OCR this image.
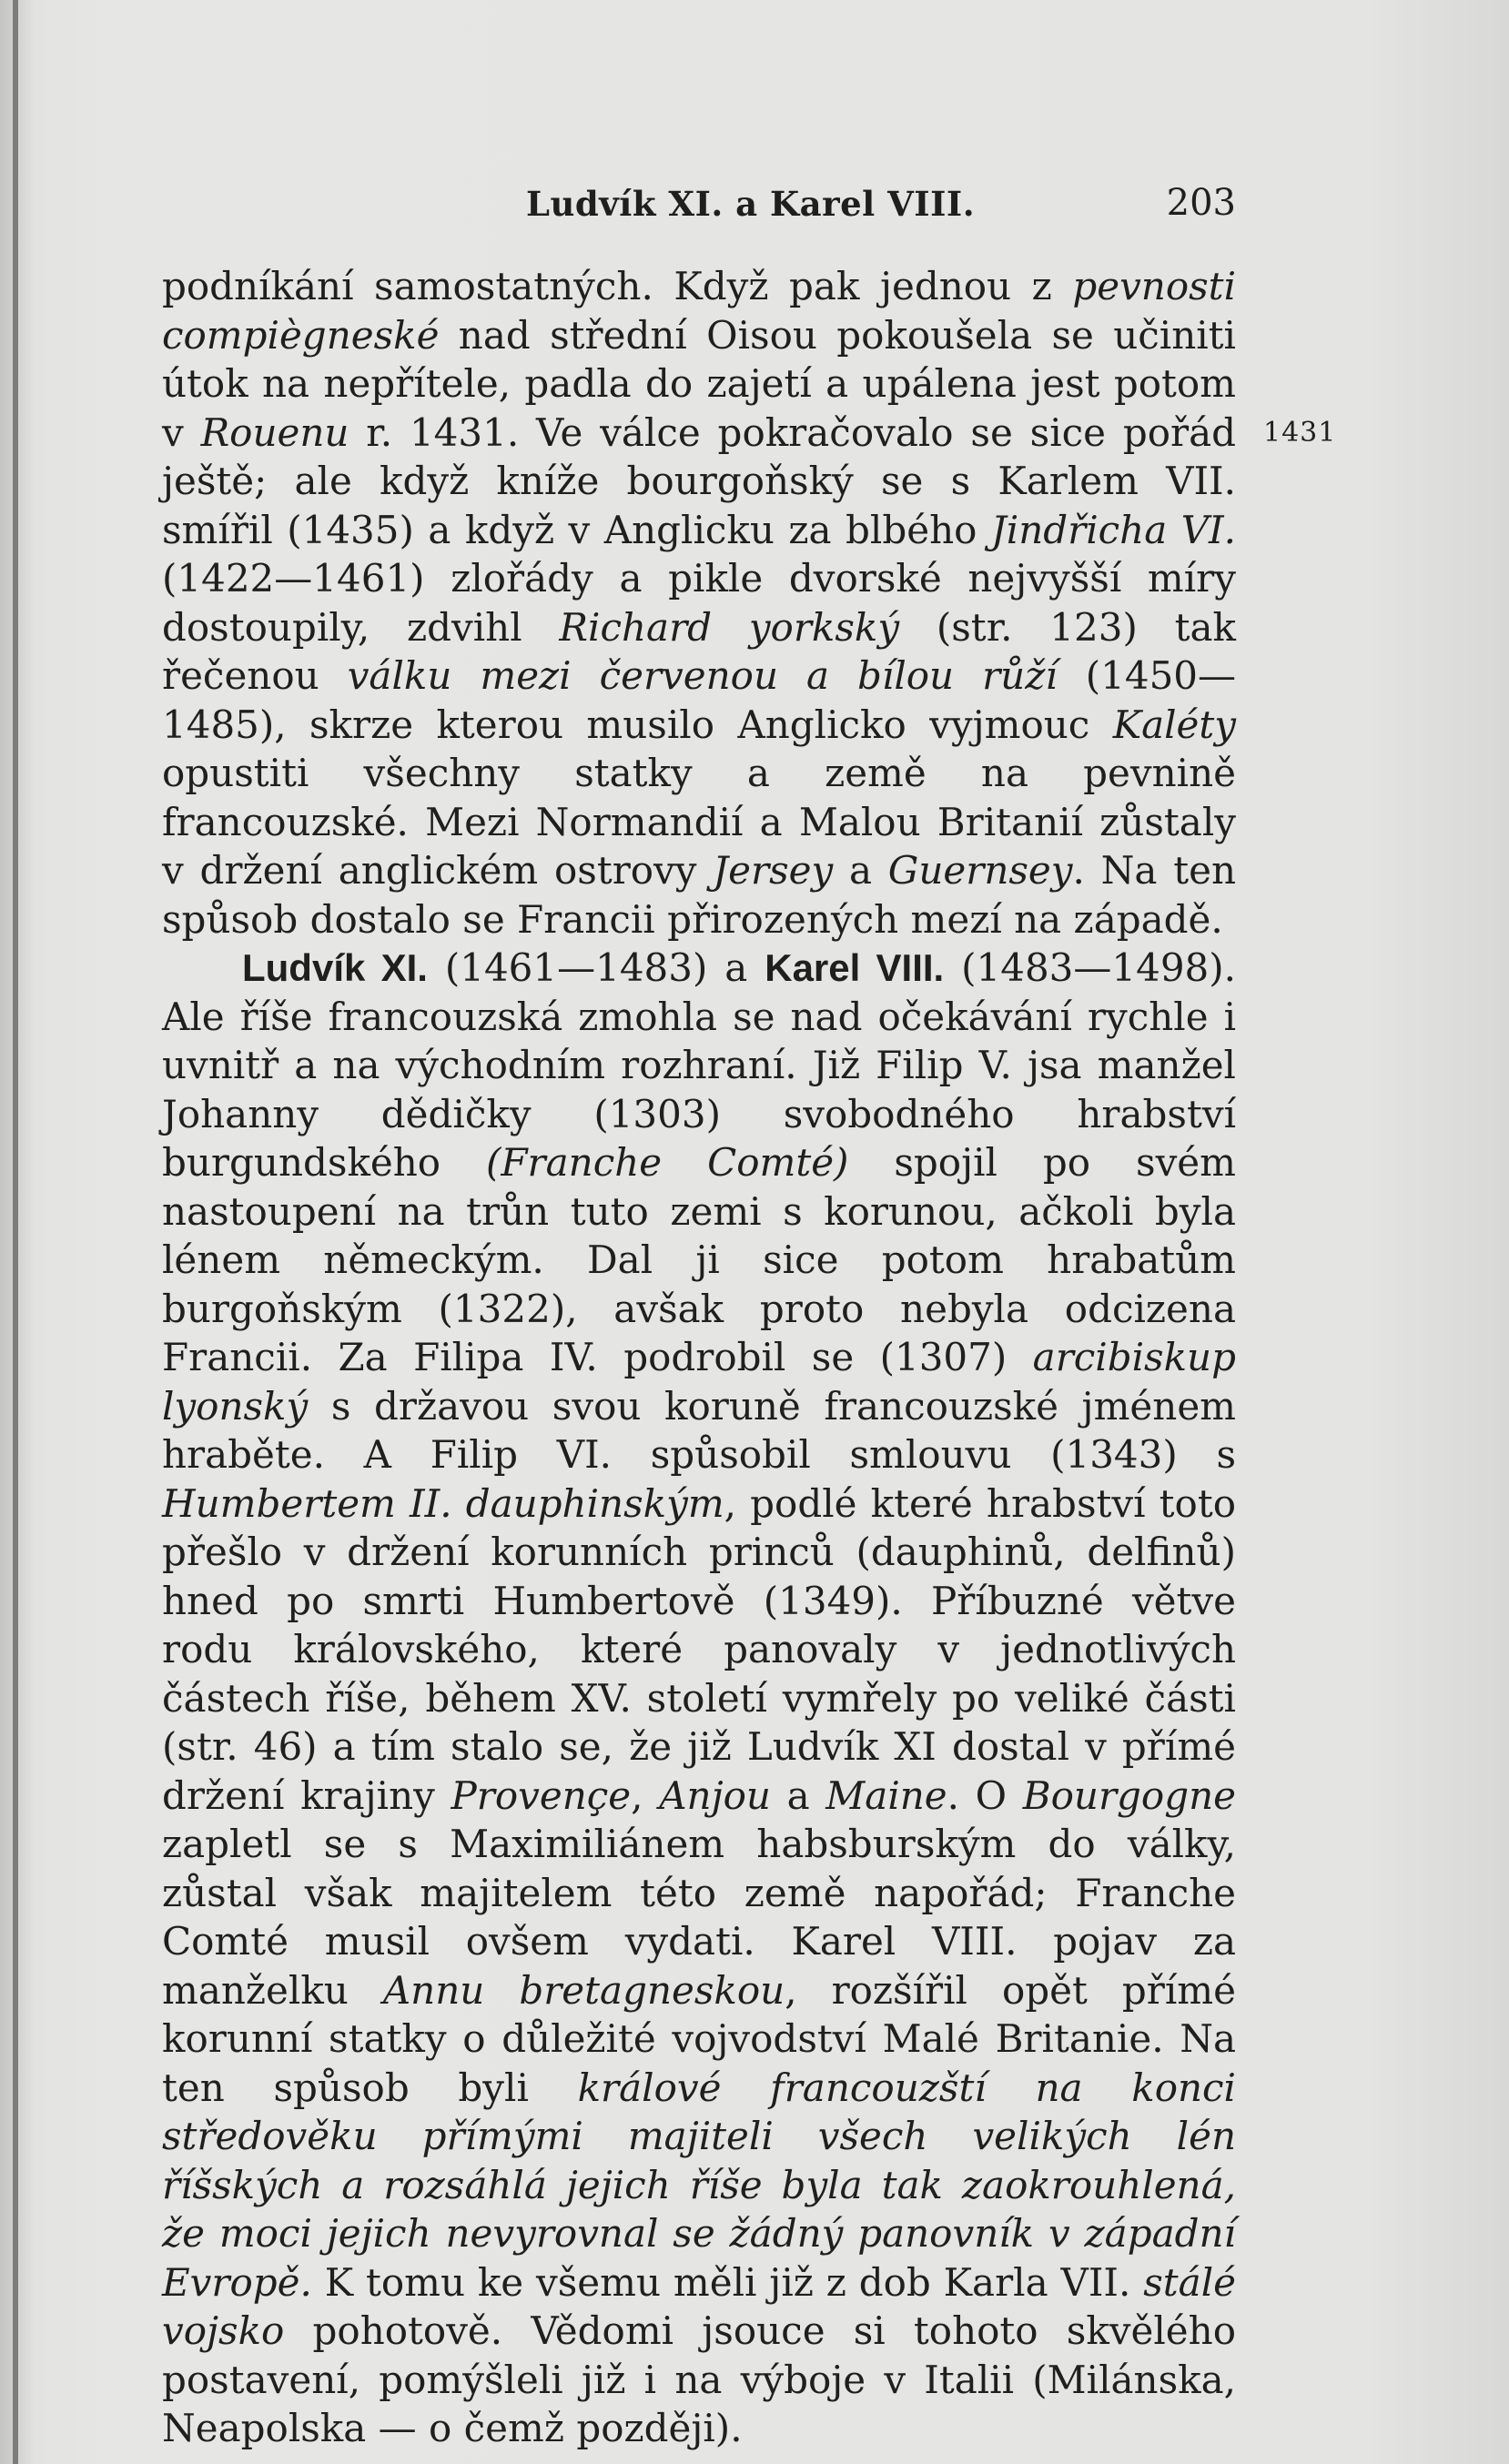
Ludvík XI. a Karel VIII.	203
1431

podníkání samostatných. Když pak jednou z pevnosti compiègneské nad střední Oisou pokoušela se učiniti útok na nepřítele, padla do zajetí a upálena jest potom v Rouenu r. 1431. Ve válce pokračovalo se sice pořád ještě; ale když kníže bourgoňský se s Karlem VII. smířil (1435) a když v Anglicku za blbého Jindřicha VI. (1422—1461) zlořády a pikle dvorské nejvyšší míry dostoupily, zdvihl Richard yorkský (str. 123) tak řečenou válku mezi červenou a bílou růží (1450—1485), skrze kterou musilo Anglicko vyjmouc Kaléty opustiti všechny statky a země na pevnině francouzské. Mezi Normandií a Malou Britanií zůstaly v držení anglickém ostrovy Jersey a Guernsey. Na ten spůsob dostalo se Francii přirozených mezí na západě.

Ludvík XI. (1461—1483) a Karel VIII. (1483—1498). Ale říše francouzská zmohla se nad očekávání rychle i uvnitř a na východním rozhraní. Již Filip V. jsa manžel Johanny dědičky (1303) svobodného hrabství burgundského (Franche Comté) spojil po svém nastoupení na trůn tuto zemi s korunou, ačkoli byla lénem německým. Dal ji sice potom hrabatům burgoňským (1322), avšak proto nebyla odcizena Francii. Za Filipa IV. podrobil se (1307) arcibiskup lyonský s državou svou koruně francouzské jménem hraběte. A Filip VI. spůsobil smlouvu (1343) s Humbertem II. dauphinským, podlé které hrabství toto přešlo v držení korunních princů (dauphinů, delfinů) hned po smrti Humbertově (1349). Příbuzné větve rodu královského, které panovaly v jednotlivých částech říše, během XV. století vymřely po veliké části (str. 46) a tím stalo se, že již Ludvík XI dostal v přímé držení krajiny Provençe, Anjou a Maine. O Bourgogne zapletl se s Maximiliánem habsburským do války, zůstal však majitelem této země napořád; Franche Comté musil ovšem vydati. Karel VIII. pojav za manželku Annu bretagneskou, rozšířil opět přímé korunní statky o důležité vojvodství Malé Britanie. Na ten spůsob byli králové francouzští na konci středověku přímými majiteli všech velikých lén říšských a rozsáhlá jejich říše byla tak zaokrouhlená, že moci jejich nevyrovnal se žádný panovník v západní Evropě. K tomu ke všemu měli již z dob Karla VII. stálé vojsko pohotově. Vědomi jsouce si tohoto skvělého postavení, pomýšleli již i na výboje v Italii (Milánska, Neapolska — o čemž později).
